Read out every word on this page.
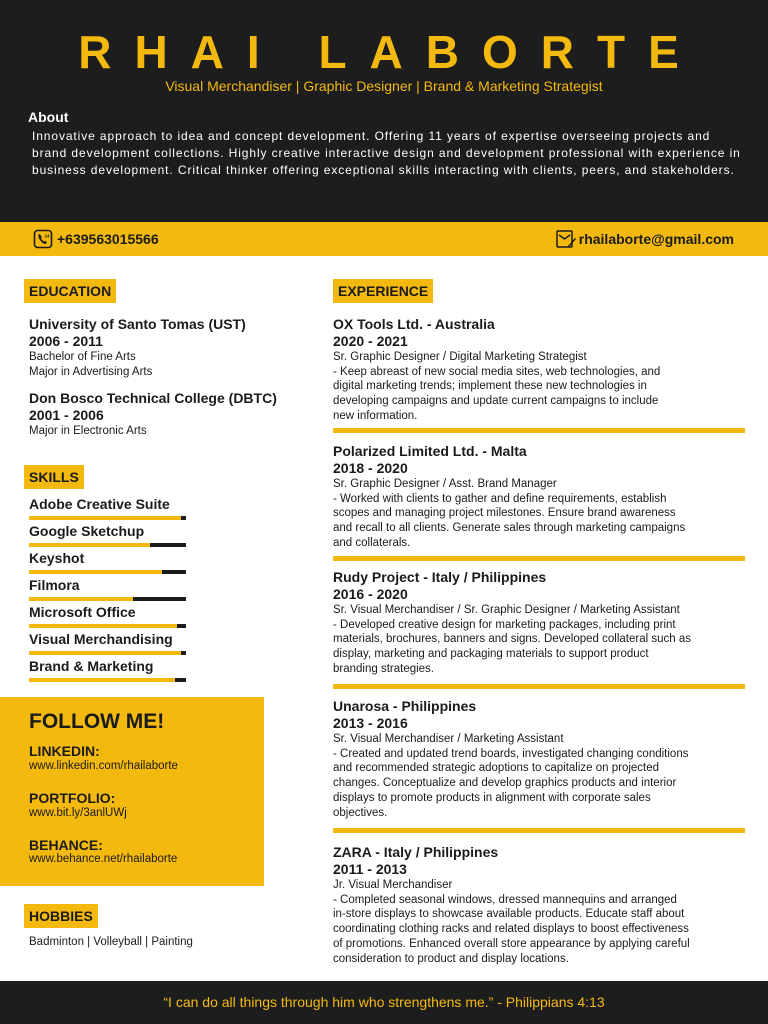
RHAI LABORTE
Visual Merchandiser | Graphic Designer | Brand & Marketing Strategist
About
Innovative approach to idea and concept development. Offering 11 years of expertise overseeing projects and brand development collections. Highly creative interactive design and development professional with experience in business development. Critical thinker offering exceptional skills interacting with clients, peers, and stakeholders.
24 +639563015566	rhailaborte@gmail.com
EDUCATION
University of Santo Tomas (UST)
2006 - 2011
Bachelor of Fine Arts
Major in Advertising Arts
Don Bosco Technical College (DBTC)
2001 - 2006
Major in Electronic Arts
SKILLS
Adobe Creative Suite
Google Sketchup
Keyshot
Filmora
Microsoft Office
Visual Merchandising
Brand & Marketing
FOLLOW ME!
LINKEDIN:
www.linkedin.com/rhailaborte
PORTFOLIO:
www.bit.ly/3anlUWj
BEHANCE:
www.behance.net/rhailaborte
HOBBIES
Badminton | Volleyball | Painting
EXPERIENCE
OX Tools Ltd. - Australia
2020 - 2021
Sr. Graphic Designer / Digital Marketing Strategist
- Keep abreast of new social media sites, web technologies, and
digital marketing trends; implement these new technologies in
developing campaigns and update current campaigns to include
new information.
Polarized Limited Ltd. - Malta
2018 - 2020
Sr. Graphic Designer / Asst. Brand Manager
- Worked with clients to gather and define requirements, establish
scopes and managing project milestones. Ensure brand awareness
and recall to all clients. Generate sales through marketing campaigns
and collaterals.
Rudy Project - Italy / Philippines
2016 - 2020
Sr. Visual Merchandiser / Sr. Graphic Designer / Marketing Assistant
- Developed creative design for marketing packages, including print
materials, brochures, banners and signs. Developed collateral such as
display, marketing and packaging materials to support product
branding strategies.
Unarosa - Philippines
2013 - 2016
Sr. Visual Merchandiser / Marketing Assistant
- Created and updated trend boards, investigated changing conditions
and recommended strategic adoptions to capitalize on projected
changes. Conceptualize and develop graphics products and interior
displays to promote products in alignment with corporate sales
objectives.
ZARA - Italy / Philippines
2011 - 2013
Jr. Visual Merchandiser
- Completed seasonal windows, dressed mannequins and arranged
in-store displays to showcase available products. Educate staff about
coordinating clothing racks and related displays to boost effectiveness
of promotions. Enhanced overall store appearance by applying careful
consideration to product and display locations.
“I can do all things through him who strengthens me.” - Philippians 4:13
